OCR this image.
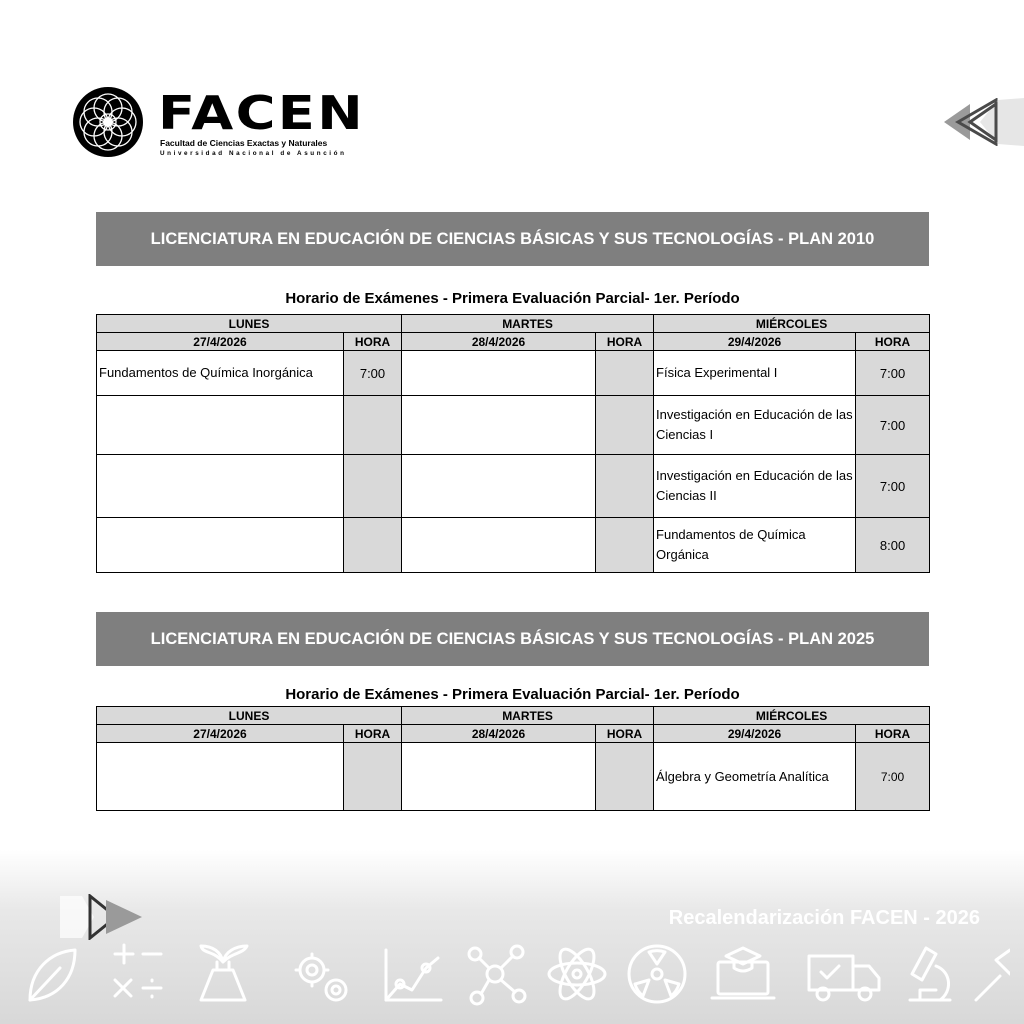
FACEN
Facultad de Ciencias Exactas y Naturales
Universidad Nacional de Asunción
LICENCIATURA EN EDUCACIÓN DE CIENCIAS BÁSICAS Y SUS TECNOLOGÍAS - PLAN 2010
Horario de Exámenes - Primera Evaluación Parcial- 1er. Período
LUNES		MARTES		MIÉRCOLES	
27/4/2026	HORA	28/4/2026	HORA	29/4/2026	HORA
Fundamentos de Química Inorgánica	7:00			Física Experimental I	7:00
				Investigación en Educación de las Ciencias I	7:00
				Investigación en Educación de las Ciencias II	7:00
				Fundamentos de Química Orgánica	8:00
LICENCIATURA EN EDUCACIÓN DE CIENCIAS BÁSICAS Y SUS TECNOLOGÍAS - PLAN 2025
Horario de Exámenes - Primera Evaluación Parcial- 1er. Período
LUNES		MARTES		MIÉRCOLES	
27/4/2026	HORA	28/4/2026	HORA	29/4/2026	HORA
				Álgebra y Geometría Analítica	7:00
Recalendarización FACEN - 2026
